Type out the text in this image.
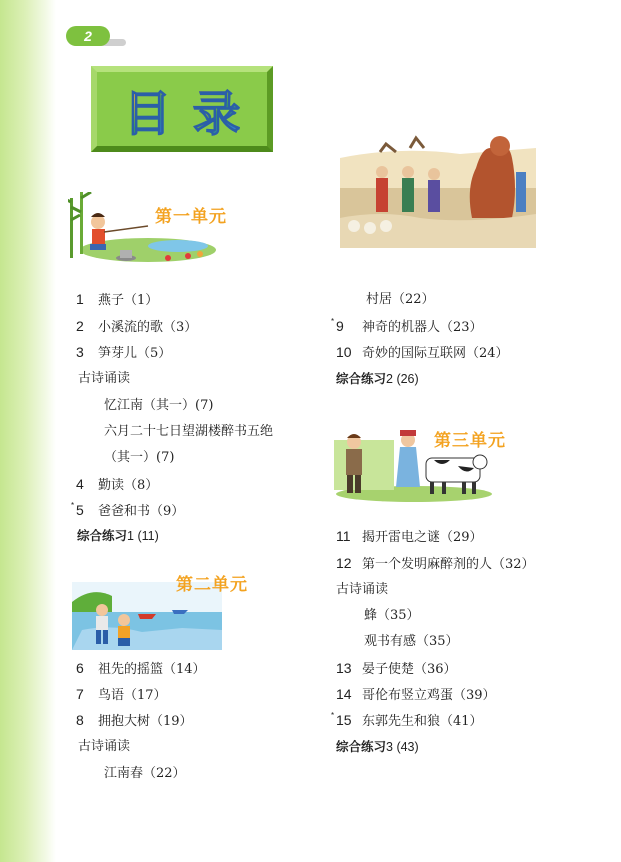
2
目 录
第一单元
第二单元
第三单元
1 燕子（1）
2 小溪流的歌（3）
3 笋芽儿（5）
古诗诵读
忆江南（其一）(7)
六月二十七日望湖楼醉书五绝
（其一）(7)
4 勤读（8）
* 5 爸爸和书（9）
综合练习1 (11)
6 祖先的摇篮（14）
7 鸟语（17）
8 拥抱大树（19）
古诗诵读
江南春（22）
村居（22）
* 9 神奇的机器人（23）
10 奇妙的国际互联网（24）
综合练习2 (26)
11 揭开雷电之谜（29）
12 第一个发明麻醉剂的人（32）
古诗诵读
蜂（35）
观书有感（35）
13 晏子使楚（36）
14 哥伦布竖立鸡蛋（39）
* 15 东郭先生和狼（41）
综合练习3 (43)
